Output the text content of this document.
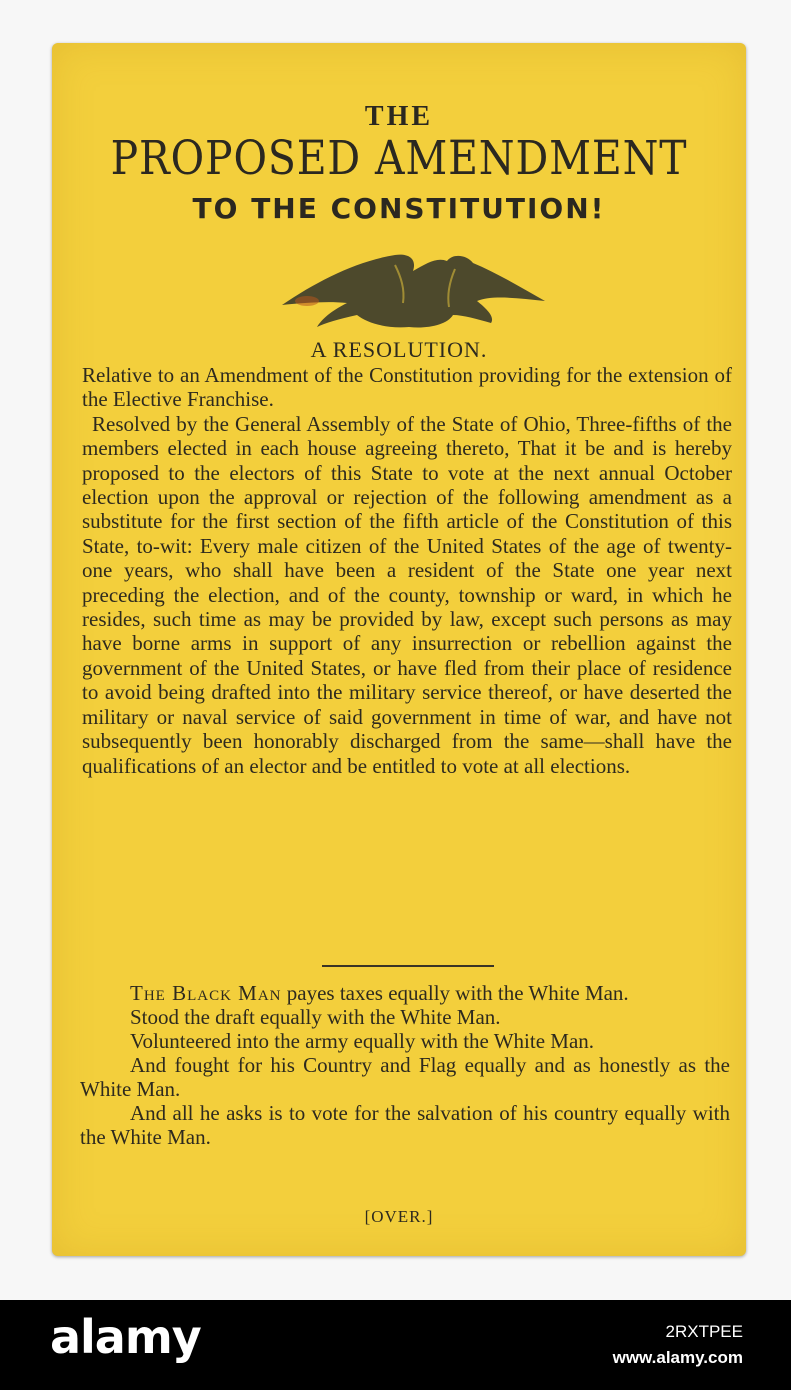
THE
PROPOSED AMENDMENT
TO THE CONSTITUTION!
A RESOLUTION.

Relative to an Amendment of the Constitution providing for the extension of the Elective Franchise.

Resolved by the General Assembly of the State of Ohio, Three-fifths of the members elected in each house agreeing thereto, That it be and is hereby proposed to the electors of this State to vote at the next annual October election upon the approval or rejection of the following amendment as a substitute for the first section of the fifth article of the Constitution of this State, to-wit: Every male citizen of the United States of the age of twenty-one years, who shall have been a resident of the State one year next preceding the election, and of the county, township or ward, in which he resides, such time as may be provided by law, except such persons as may have borne arms in support of any insurrection or rebellion against the government of the United States, or have fled from their place of residence to avoid being drafted into the military service thereof, or have deserted the military or naval service of said government in time of war, and have not subsequently been honorably discharged from the same—shall have the qualifications of an elector and be entitled to vote at all elections.

The Black Man payes taxes equally with the White Man.

Stood the draft equally with the White Man.

Volunteered into the army equally with the White Man.

And fought for his Country and Flag equally and as honestly as the White Man.

And all he asks is to vote for the salvation of his country equally with the White Man.

[OVER.]
alamy	2RXTPEE
www.alamy.com
